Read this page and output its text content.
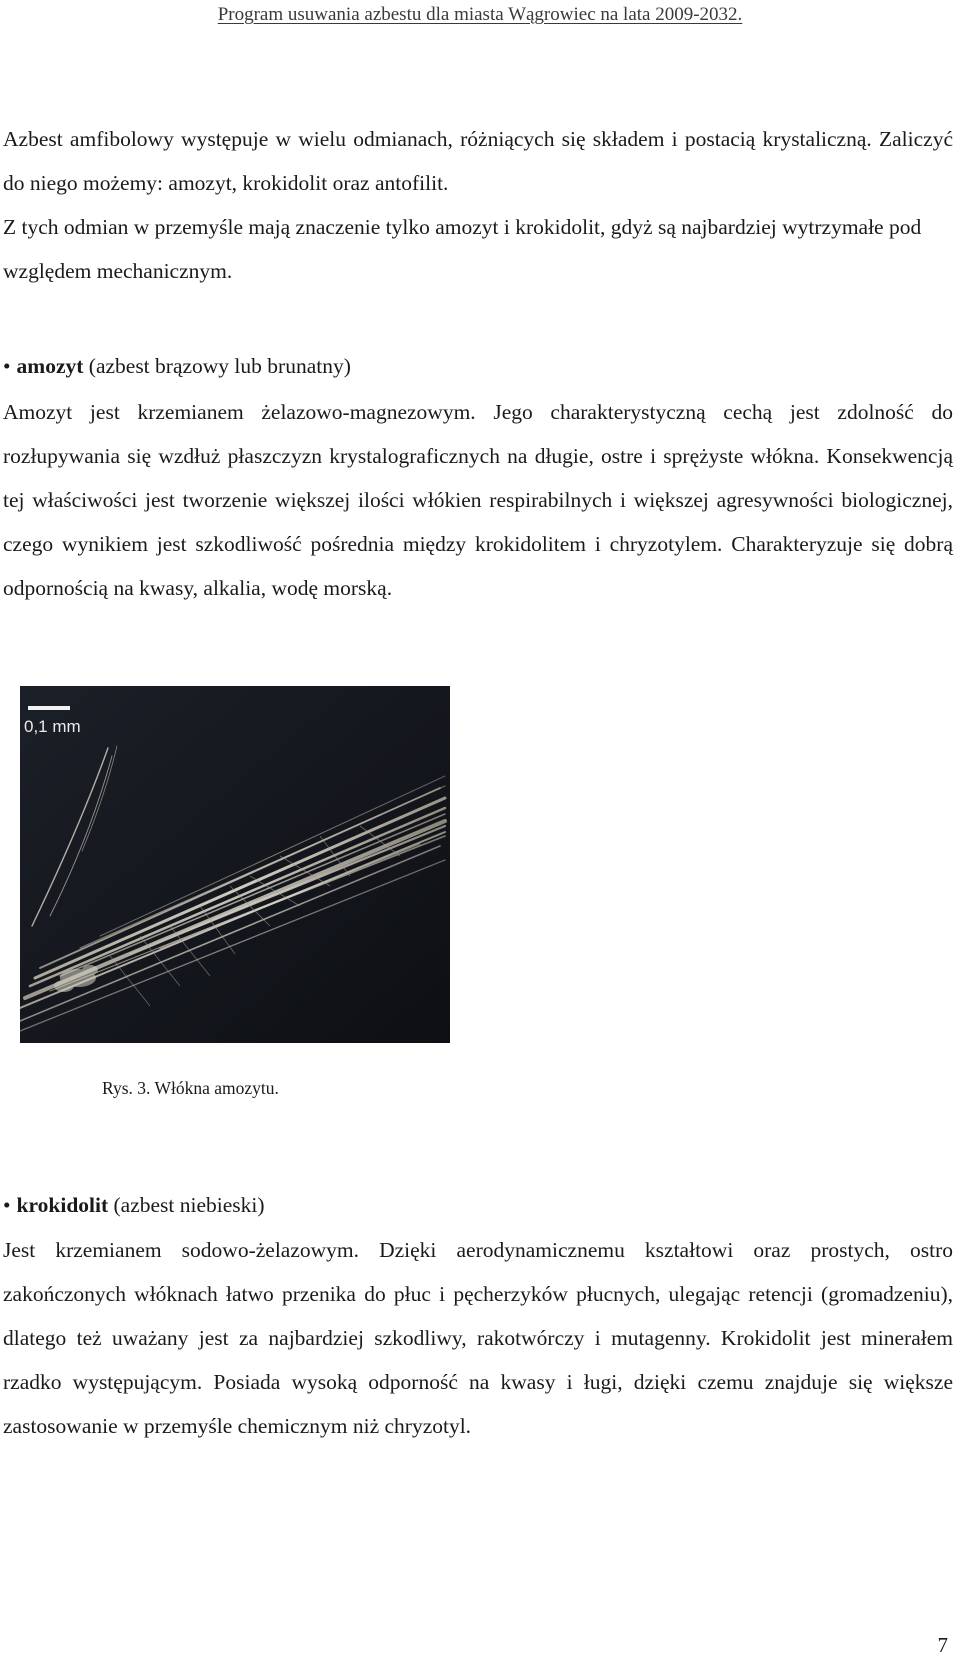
Program usuwania azbestu dla miasta Wągrowiec na lata 2009-2032.

Azbest amfibolowy występuje w wielu odmianach, różniących się składem i postacią krystaliczną. Zaliczyć do niego możemy: amozyt, krokidolit oraz antofilit.

Z tych odmian w przemyśle mają znaczenie tylko amozyt i krokidolit, gdyż są najbardziej wytrzymałe pod względem mechanicznym.

• amozyt (azbest brązowy lub brunatny)

Amozyt jest krzemianem żelazowo-magnezowym. Jego charakterystyczną cechą jest zdolność do rozłupywania się wzdłuż płaszczyzn krystalograficznych na długie, ostre i sprężyste włókna. Konsekwencją tej właściwości jest tworzenie większej ilości włókien respirabilnych i większej agresywności biologicznej, czego wynikiem jest szkodliwość pośrednia między krokidolitem i chryzotylem. Charakteryzuje się dobrą odpornością na kwasy, alkalia, wodę morską.

0,1 mm
Rys. 3. Włókna amozytu.
• krokidolit (azbest niebieski)

Jest krzemianem sodowo-żelazowym. Dzięki aerodynamicznemu kształtowi oraz prostych, ostro zakończonych włóknach łatwo przenika do płuc i pęcherzyków płucnych, ulegając retencji (gromadzeniu), dlatego też uważany jest za najbardziej szkodliwy, rakotwórczy i mutagenny. Krokidolit jest minerałem rzadko występującym. Posiada wysoką odporność na kwasy i ługi, dzięki czemu znajduje się większe zastosowanie w przemyśle chemicznym niż chryzotyl.

7
